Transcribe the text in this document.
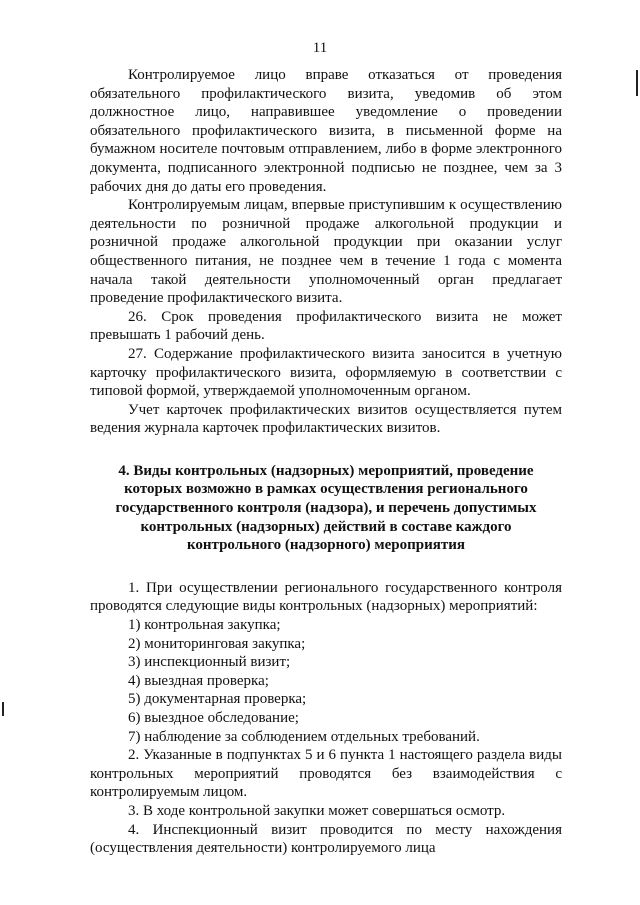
11

Контролируемое лицо вправе отказаться от проведения обязательного профилактического визита, уведомив об этом должностное лицо, направившее уведомление о проведении обязательного профилактического визита, в письменной форме на бумажном носителе почтовым отправлением, либо в форме электронного документа, подписанного электронной подписью не позднее, чем за 3 рабочих дня до даты его проведения.

Контролируемым лицам, впервые приступившим к осуществлению деятельности по розничной продаже алкогольной продукции и розничной продаже алкогольной продукции при оказании услуг общественного питания, не позднее чем в течение 1 года с момента начала такой деятельности уполномоченный орган предлагает проведение профилактического визита.

26. Срок проведения профилактического визита не может превышать 1 рабочий день.

27. Содержание профилактического визита заносится в учетную карточку профилактического визита, оформляемую в соответствии с типовой формой, утверждаемой уполномоченным органом.

Учет карточек профилактических визитов осуществляется путем ведения журнала карточек профилактических визитов.

4. Виды контрольных (надзорных) мероприятий, проведение которых возможно в рамках осуществления регионального государственного контроля (надзора), и перечень допустимых контрольных (надзорных) действий в составе каждого контрольного (надзорного) мероприятия

1. При осуществлении регионального государственного контроля проводятся следующие виды контрольных (надзорных) мероприятий:

1) контрольная закупка;

2) мониторинговая закупка;

3) инспекционный визит;

4) выездная проверка;

5) документарная проверка;

6) выездное обследование;

7) наблюдение за соблюдением отдельных требований.

2. Указанные в подпунктах 5 и 6 пункта 1 настоящего раздела виды контрольных мероприятий проводятся без взаимодействия с контролируемым лицом.

3. В ходе контрольной закупки может совершаться осмотр.

4. Инспекционный визит проводится по месту нахождения (осуществления деятельности) контролируемого лица
